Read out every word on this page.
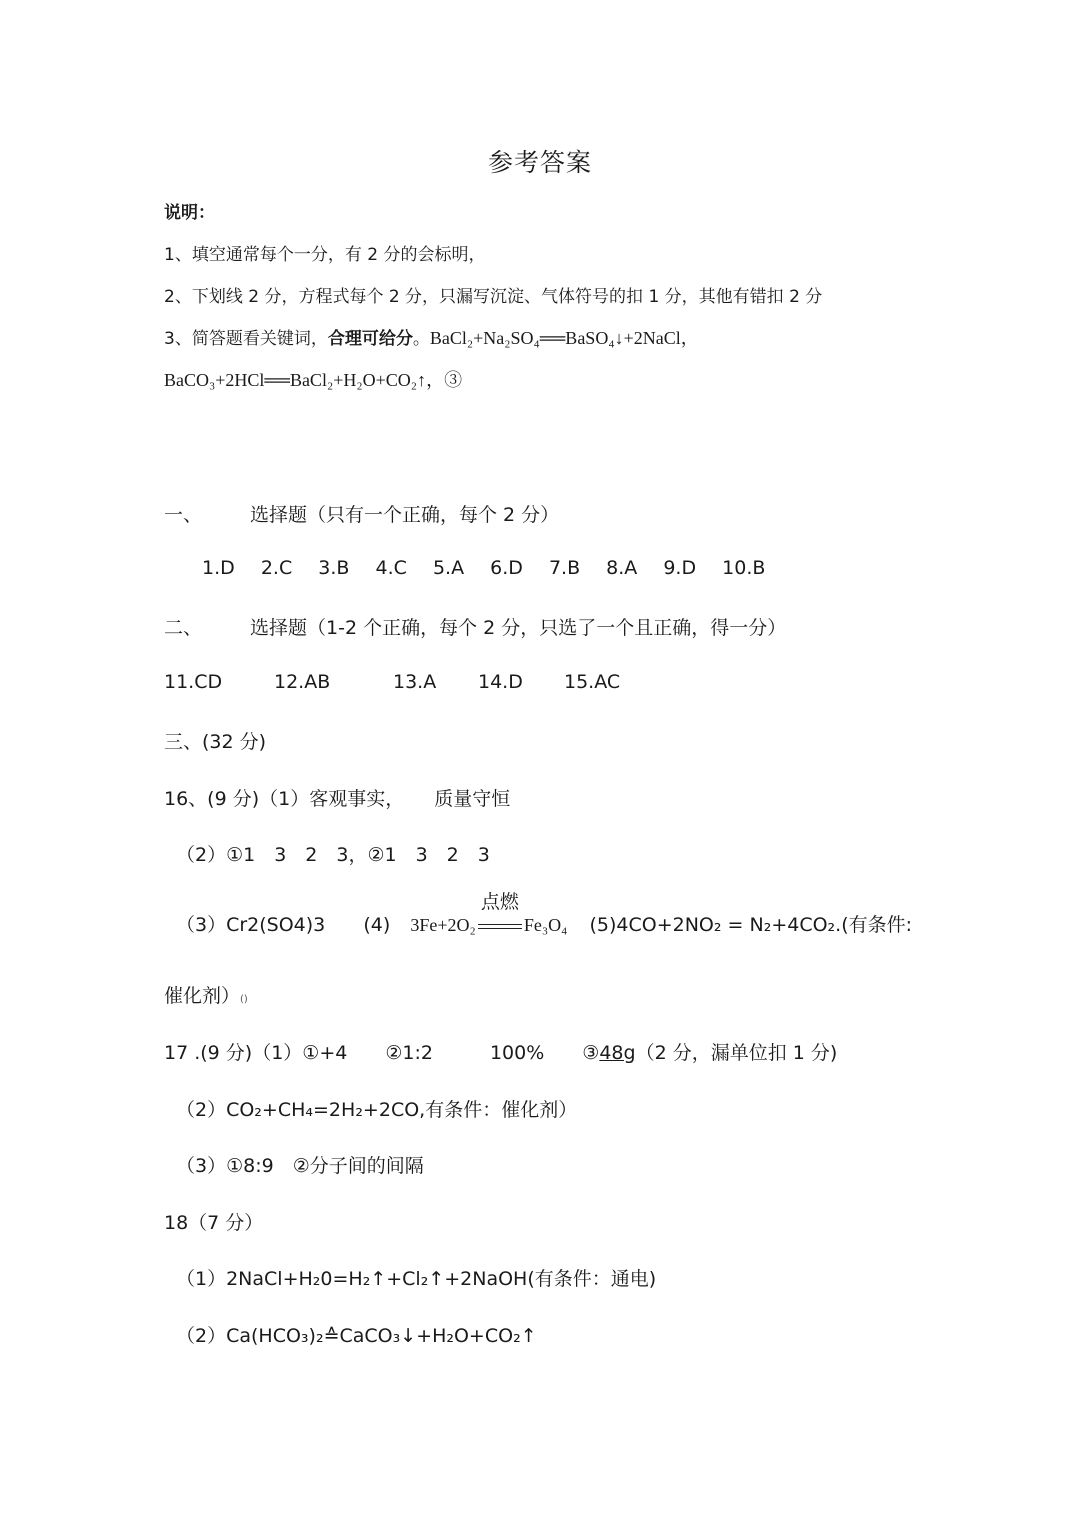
参考答案
说明：
1、填空通常每个一分，有 2 分的会标明，
2、下划线 2 分，方程式每个 2 分，只漏写沉淀、气体符号的扣 1 分，其他有错扣 2 分
3、简答题看关键词，合理可给分。BaCl₂+Na₂SO₄══BaSO₄↓+2NaCl，
BaCO₃+2HCl══BaCl₂+H₂O+CO₂↑，③
一、	选择题（只有一个正确，每个 2 分）
1.D 2.C 3.B 4.C 5.A 6.D 7.B 8.A 9.D 10.B
二、	选择题（1-2 个正确，每个 2 分，只选了一个且正确，得一分）
11.CD	12.AB	13.A 14.D 15.AC
三、(32 分)
16、(9 分)（1）客观事实， 质量守恒
（2）①1　3　2　3，②1　3　2　3
（3）Cr2(SO4)3 (4) 3Fe+2O₂
点燃
Fe₃O₄ (5)4CO+2NO₂ = N₂+4CO₂.(有条件:
催化剂）()
17 .(9 分)（1）①+4　　②1:2　　　100%　　③48g（2 分，漏单位扣 1 分)
（2）CO₂+CH₄=2H₂+2CO,有条件：催化剂）
（3）①8:9　②分子间的间隔
18（7 分）
（1）2NaCl+H₂0=H₂↑+Cl₂↑+2NaOH(有条件：通电)
（2）Ca(HCO₃)₂≙CaCO₃↓+H₂O+CO₂↑
